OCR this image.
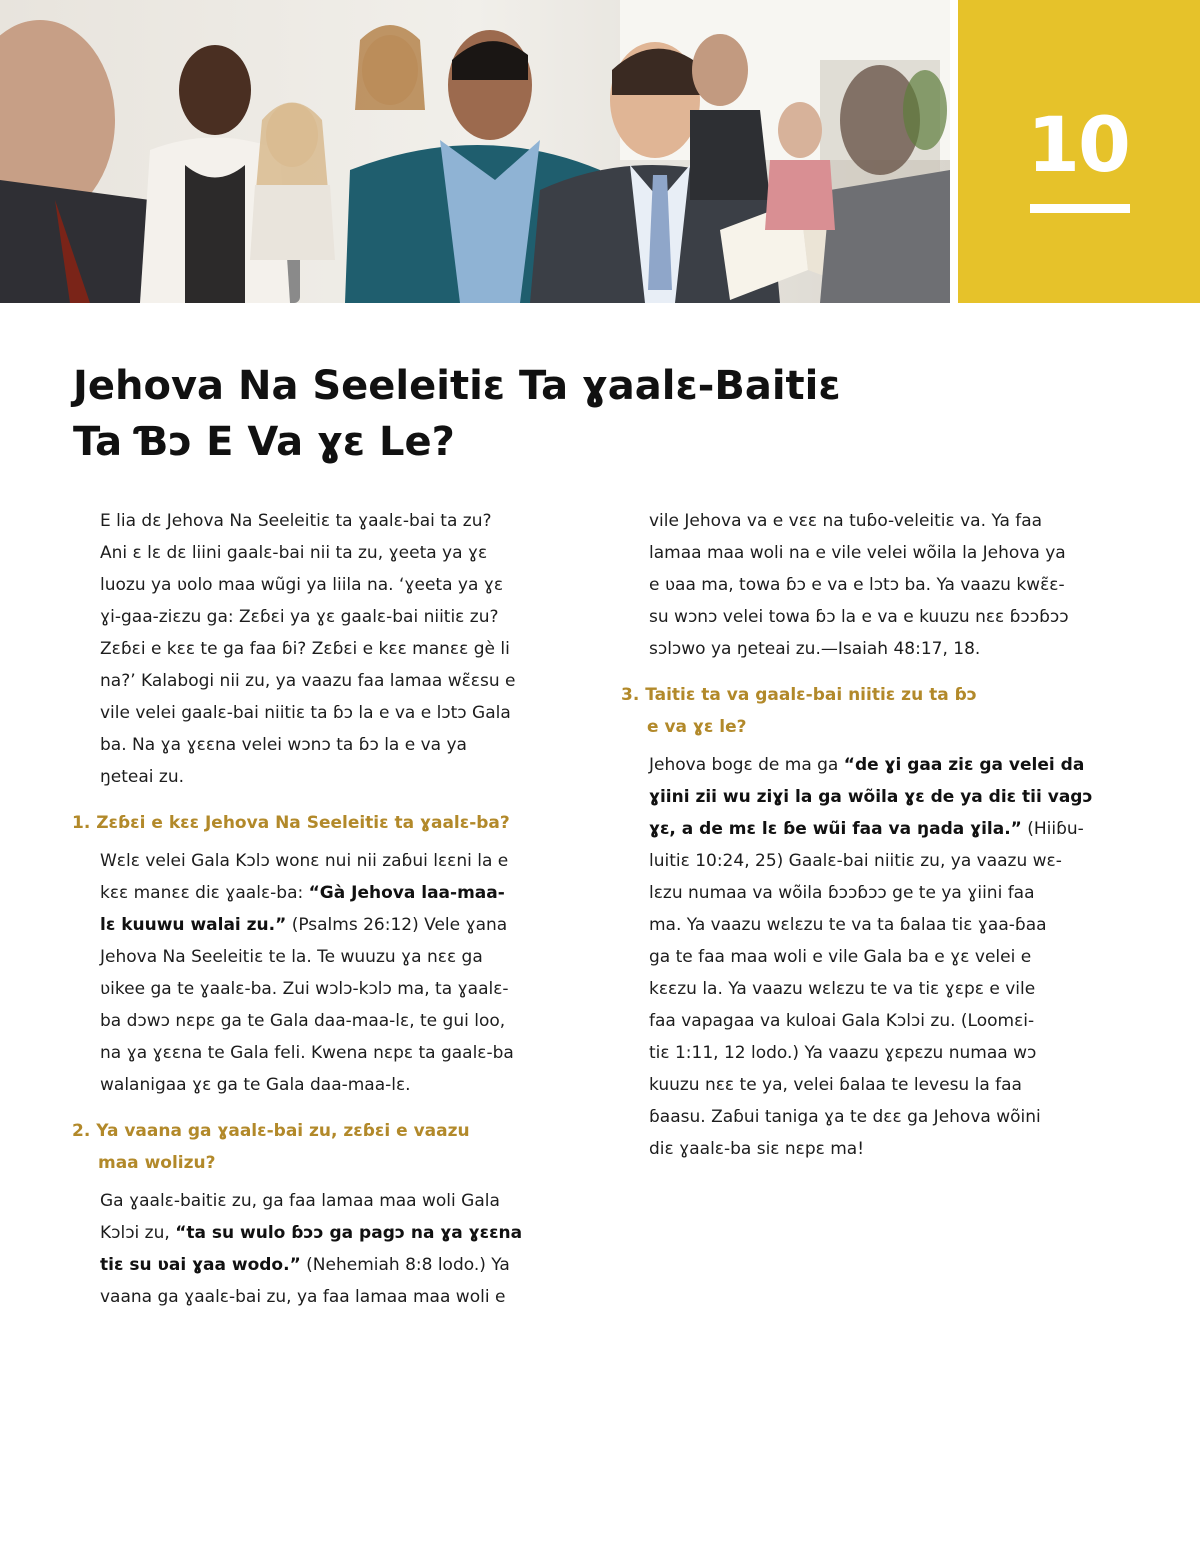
10
Jehova Na Seeleitiɛ Ta ɣaalɛ-Baitiɛ
Ta Ɓɔ E Va ɣɛ Le?
E lia dɛ Jehova Na Seeleitiɛ ta ɣaalɛ-bai ta zu?
Ani ɛ lɛ dɛ liini gaalɛ-bai nii ta zu, ɣeeta ya ɣɛ
luozu ya ʋolo maa wũgi ya liila na. ‘ɣeeta ya ɣɛ
ɣi-gaa-ziɛzu ga: Zɛɓɛi ya ɣɛ gaalɛ-bai niitiɛ zu?
Zɛɓɛi e kɛɛ te ga faa ɓi? Zɛɓɛi e kɛɛ manɛɛ gè li
na?’ Kalabogi nii zu, ya vaazu faa lamaa wɛ̃ɛsu e
vile velei gaalɛ-bai niitiɛ ta ɓɔ la e va e lɔtɔ Gala
ba. Na ɣa ɣɛɛna velei wɔnɔ ta ɓɔ la e va ya
ŋeteai zu.
1. Zɛɓɛi e kɛɛ Jehova Na Seeleitiɛ ta ɣaalɛ-ba?
Wɛlɛ velei Gala Kɔlɔ wonɛ nui nii zaɓui lɛɛni la e
kɛɛ manɛɛ diɛ ɣaalɛ-ba: “Gà Jehova laa-maa-
lɛ kuuwu walai zu.” (Psalms 26:12) Vele ɣana
Jehova Na Seeleitiɛ te la. Te wuuzu ɣa nɛɛ ga
ʋikee ga te ɣaalɛ-ba. Zui wɔlɔ-kɔlɔ ma, ta ɣaalɛ-
ba dɔwɔ nɛpɛ ga te Gala daa-maa-lɛ, te gui loo,
na ɣa ɣɛɛna te Gala feli. Kwena nɛpɛ ta gaalɛ-ba
walanigaa ɣɛ ga te Gala daa-maa-lɛ.
2. Ya vaana ga ɣaalɛ-bai zu, zɛɓɛi e vaazu
maa wolizu?
Ga ɣaalɛ-baitiɛ zu, ga faa lamaa maa woli Gala
Kɔlɔi zu, “ta su wulo ɓɔɔ ga pagɔ na ɣa ɣɛɛna
tiɛ su ʋai ɣaa wodo.” (Nehemiah 8:8 lodo.) Ya
vaana ga ɣaalɛ-bai zu, ya faa lamaa maa woli e
vile Jehova va e vɛɛ na tuɓo-veleitiɛ va. Ya faa
lamaa maa woli na e vile velei wõila la Jehova ya
e ʋaa ma, towa ɓɔ e va e lɔtɔ ba. Ya vaazu kwɛ̃ɛ-
su wɔnɔ velei towa ɓɔ la e va e kuuzu nɛɛ ɓɔɔɓɔɔ
sɔlɔwo ya ŋeteai zu.—Isaiah 48:17, 18.
3. Taitiɛ ta va gaalɛ-bai niitiɛ zu ta ɓɔ
e va ɣɛ le?
Jehova bogɛ de ma ga “de ɣi gaa ziɛ ga velei da
ɣiini zii wu ziɣi la ga wõila ɣɛ de ya diɛ tii vagɔ
ɣɛ, a de mɛ lɛ ɓe wũi faa va ŋada ɣila.” (Hiiɓu-
luitiɛ 10:24, 25) Gaalɛ-bai niitiɛ zu, ya vaazu wɛ-
lɛzu numaa va wõila ɓɔɔɓɔɔ ge te ya ɣiini faa
ma. Ya vaazu wɛlɛzu te va ta ɓalaa tiɛ ɣaa-ɓaa
ga te faa maa woli e vile Gala ba e ɣɛ velei e
kɛɛzu la. Ya vaazu wɛlɛzu te va tiɛ ɣɛpɛ e vile
faa vapagaa va kuloai Gala Kɔlɔi zu. (Loomɛi-
tiɛ 1:11, 12 lodo.) Ya vaazu ɣɛpɛzu numaa wɔ
kuuzu nɛɛ te ya, velei ɓalaa te levesu la faa
ɓaasu. Zaɓui taniga ɣa te dɛɛ ga Jehova wõini
diɛ ɣaalɛ-ba siɛ nɛpɛ ma!
